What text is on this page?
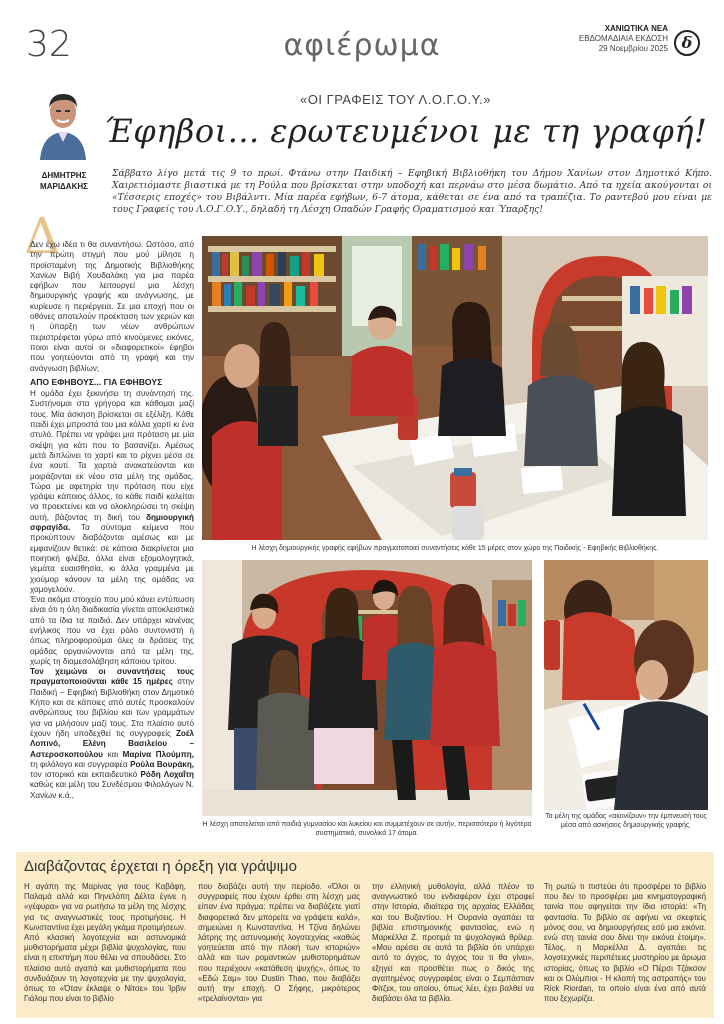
32	αφιέρωμα	ΧΑΝΙΩΤΙΚΑ ΝΕΑ
ΕΒΔΟΜΑΔΙΑΙΑ ΕΚΔΟΣΗ
29 Νοεμβρίου 2025 δ
ΔΗΜΗΤΡΗΣ
ΜΑΡΙΔΑΚΗΣ
«ΟΙ ΓΡΑΦΕΙΣ ΤΟΥ Λ.Ο.Γ.Ο.Υ.»
Έφηβοι... ερωτευμένοι με τη γραφή!
Σάββατο λίγο μετά τις 9 το πρωί. Φτάνω στην Παιδική – Εφηβική Βιβλιοθήκη του Δήμου Χανίων στον Δημοτικό Κήπο. Χαιρετιόμαστε βιαστικά με τη Ρούλα που βρίσκεται στην υποδοχή και περνάω στο μέσα δωμάτιο. Από τα ηχεία ακούγονται οι «Τέσσερις εποχές» του Βιβάλντι. Μία παρέα εφήβων, 6-7 άτομα, κάθεται σε ένα από τα τραπέζια. Το ραντεβού μου είναι με τους Γραφείς του Λ.Ο.Γ.Ο.Υ., δηλαδή τη Λέσχη Οπαδών Γραφής Οραματισμού και Ύπαρξης!
Δ

Δεν έχω ιδέα τι θα συναντήσω. Ωστόσο, από την πρώτη στιγμή που μού μίλησε η προϊσταμένη της Δημοτικής Βιβλιοθήκης Χανίων Βιβή Χουδαλάκη για μια παρέα εφήβων που λειτουργεί μια λέσχη δημιουργικής γραφής και ανάγνωσης, με κυρίευσε η περιέργεια. Σε μια εποχή που οι οθόνες αποτελούν προέκταση των χεριών και η ύπαρξη των νέων ανθρώπων περιστρέφεται γύρω από κινούμενες εικόνες, ποιοι είναι αυτοί οι «διαφορετικοί» έφηβοι που γοητεύονται από τη γραφή και την ανάγνωση βιβλίων;

ΑΠΟ ΕΦΗΒΟΥΣ... ΓΙΑ ΕΦΗΒΟΥΣ

Η ομάδα έχει ξεκινήσει τη συνάντησή της. Συστήνομαι στα γρήγορα και κάθομαι μαζί τους. Μία άσκηση βρίσκεται σε εξέλιξη. Κάθε παιδί έχει μπροστά του μια κόλλα χαρτί κι ένα στυλό. Πρέπει να γράψει μια πρόταση με μία σκέψη για κάτι που το βασανίζει. Αμέσως μετά διπλώνει το χαρτί και το ρίχνει μέσα σε ένα κουτί. Τα χαρτιά ανακατεύονται και μοιράζονται εκ νέου στα μέλη της ομάδας. Τώρα με αφετηρία την πρόταση που είχε γράψει κάποιος άλλος, το κάθε παιδί καλείται να προεκτείνει και να ολοκληρώσει τη σκέψη αυτή, βάζοντας τη δική του δημιουργική σφραγίδα. Τα σύντομα κείμενα που προκύπτουν διαβάζονται αμέσως και με εμφανίζουν θετικά: σε κάποια διακρίνεται μια ποιητική φλέβα, άλλα είναι εξομολογητικά, γεμάτα ευαισθησία, κι άλλα γραμμένα με χιούμορ κάνουν τα μέλη της ομάδας να χαμογελούν.

Ένα ακόμα στοιχείο που μού κάνει εντύπωση είναι ότι η όλη διαδικασία γίνεται αποκλειστικά από τα ίδια τα παιδιά. Δεν υπάρχει κανένας ενήλικος που να έχει ρόλο συντονιστή ή όπως πληροφορούμαι όλες οι δράσεις της ομάδας οργανώνονται από τα μέλη της, χωρίς τη διαμεσολάβηση κάποιου τρίτου.

Τον χειμώνα οι συναντήσεις τους πραγματοποιούνται κάθε 15 ημέρες στην Παιδική – Εφηβική Βιβλιοθήκη στον Δημοτικό Κήπο και σε κάποιες από αυτές προσκαλούν ανθρώπους του βιβλίου και των γραμμάτων για να μιλήσουν μαζί τους. Στο πλαίσιο αυτό έχουν ήδη υποδεχθεί τις συγγραφείς Ζοέλ Λοπινό, Ελένη Βασιλείου – Αστεροσκοπούλου και Μαρίνα Πλούμπη, τη φιλόλογο και συγγραφέα Ρούλα Βουράκη, τον ιστορικό και εκπαιδευτικό Ρόδη Λοχαΐτη καθώς και μέλη του Συνδέσμου Φιλολόγων Ν. Χανίων κ.ά.,

Η λέσχη δημιουργικής γραφής εφήβων πραγματοποιεί συναντήσεις κάθε 15 μέρες στον χώρο της Παιδικής - Εφηβικής Βιβλιοθήκης.
Η λέσχη αποτελείται από παιδιά γυμνασίου και λυκείου και συμμετέχουν σε αυτήν, περισσότερο ή λιγότερο συστηματικά, συνολικά 17 άτομα.
Τα μέλη της ομάδας «ακονίζουν» την έμπνευσή τους μέσα από ασκήσεις δημιουργικής γραφής.
Διαβάζοντας έρχεται η όρεξη για γράψιμο

Η αγάπη της Μαρίνας για τους Καβάφη, Παλαμά αλλά και Πηνελόπη Δέλτα έγινε η «γέφυρα» για να ρωτήσω τα μέλη της λέσχης για τις αναγνωστικές τους προτιμήσεις. Η Κωνσταντίνα έχει μεγάλη γκάμα προτιμήσεων. Από κλασική λογοτεχνία και αστυνομικά μυθιστορήματα μέχρι βιβλία ψυχολογίας, που είναι η επιστήμη που θέλει να σπουδάσει. Στο πλαίσιο αυτό αγαπά και μυθιστορήματα που συνδυάζουν τη λογοτεχνία με την ψυχολογία, όπως το «Όταν έκλαψε ο Νίτσε» του Ίρβιν Γιάλομ που είναι το βιβλίο

που διαβάζει αυτή την περίοδο. «Όλοι οι συγγραφείς που έχουν έρθει στη λέσχη μας είπαν ένα πράγμα: πρέπει να διαβάζετε γιατί διαφορετικά δεν μπορείτε να γράψετε καλά», σημειώνει η Κωνσταντίνα. Η Τζίνα δηλώνει λάτρης της αστυνομικής λογοτεχνίας «καθώς γοητεύεται από την πλοκή των ιστοριών» αλλά και των ρομαντικών μυθιστορημάτων που περιέχουν «κατάθεση ψυχής», όπως το «Εδώ Σαμ» του Dustin Thao, που διαβάζει αυτή την εποχή. Ο Σήφης, μικρότερος «τρελαίνονται» για

την ελληνική μυθολογία, αλλά πλέον το αναγνωστικό του ενδιαφέρον έχει στραφεί στην Ιστορία, ιδιαίτερα της αρχαίας Ελλάδας και του Βυζαντίου. Η Ουρανία αγαπάει τα βιβλία επιστημονικής φαντασίας, ενώ η Μαρκέλλα Ζ. προτιμά τα ψυχολογικά θρίλερ. «Μου αρέσει σε αυτά τα βιβλία ότι υπάρχει αυτό το άγχος, το άγχος του τι θα γίνει», εξηγεί και προσθέτει πως ο δικός της αγαπημένος συγγραφέας είναι ο Σεμπάστιαν Φίτζεκ, του οποίου, όπως λέει, έχει βαλθεί να διαβάσει όλα τα βιβλία.

Τη ρωτώ τι πιστεύει ότι προσφέρει το βιβλίο που δεν το προσφέρει μια κινηματογραφική ταινία που αφηγείται την ίδια ιστορία: «Τη φαντασία. Το βιβλίο σε αφήνει να σκεφτείς μόνος σου, να δημιουργήσεις εσύ μια εικόνα. ενώ στη ταινία σου δίνει την εικόνα έτοιμη». Τέλος, η Μαρκέλλα Δ. αγαπάει τις λογοτεχνικές περιπέτειες μυστηρίου με άρωμα ιστορίας, όπως το βιβλίο «Ο Πέρσι Τζάκσον και οι Ολύμπιοι - Η κλοπή της αστραπής» του Rick Riordan, το οποίο είναι ένα από αυτά που ξεχωρίζει.
